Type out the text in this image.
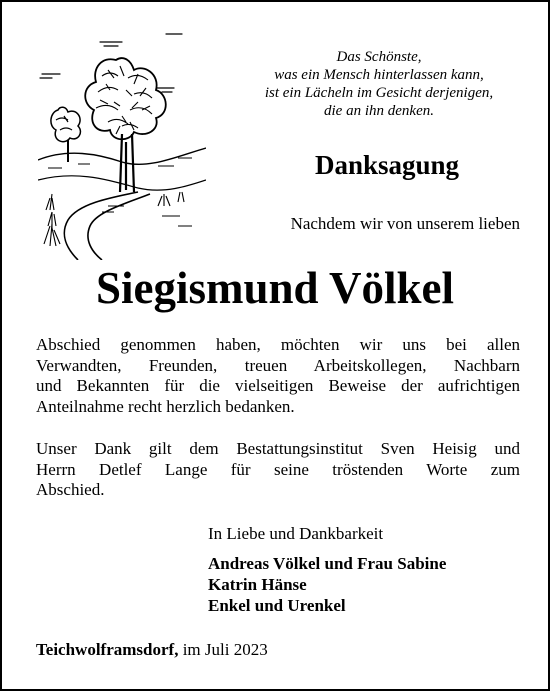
Das Schönste,
was ein Mensch hinterlassen kann,
ist ein Lächeln im Gesicht derjenigen,
die an ihn denken.
Danksagung
Nachdem wir von unserem lieben
Siegismund Völkel
Abschied genommen haben, möchten wir uns bei allen
Verwandten, Freunden, treuen Arbeitskollegen, Nachbarn
und Bekannten für die vielseitigen Beweise der aufrichtigen
Anteilnahme recht herzlich bedanken.
Unser Dank gilt dem Bestattungsinstitut Sven Heisig und
Herrn Detlef Lange für seine tröstenden Worte zum
Abschied.
In Liebe und Dankbarkeit
Andreas Völkel und Frau Sabine
Katrin Hänse
Enkel und Urenkel
Teichwolframsdorf, im Juli 2023
